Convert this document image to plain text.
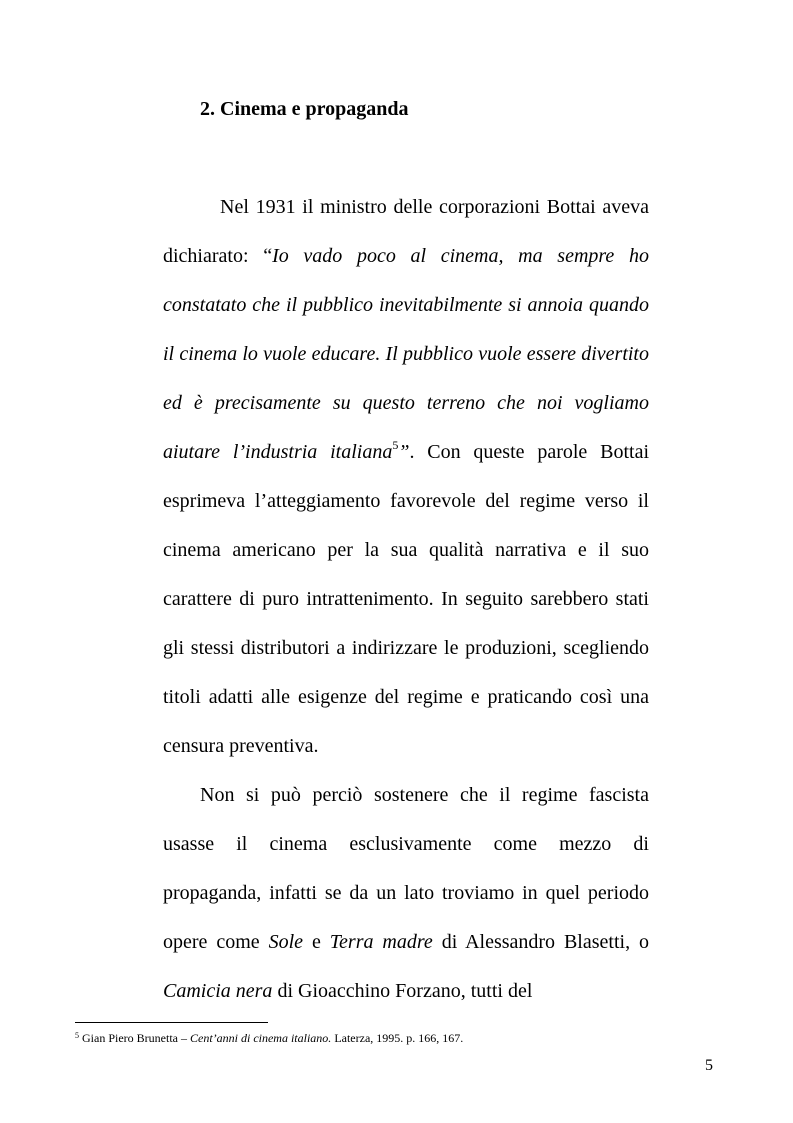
2. Cinema e propaganda

Nel 1931 il ministro delle corporazioni Bottai aveva dichiarato: “Io vado poco al cinema, ma sempre ho constatato che il pubblico inevitabilmente si annoia quando il cinema lo vuole educare. Il pubblico vuole essere divertito ed è precisamente su questo terreno che noi vogliamo aiutare l’industria italiana$^5$”. Con queste parole Bottai esprimeva l’atteggiamento favorevole del regime verso il cinema americano per la sua qualità narrativa e il suo carattere di puro intrattenimento. In seguito sarebbero stati gli stessi distributori a indirizzare le produzioni, scegliendo titoli adatti alle esigenze del regime e praticando così una censura preventiva.

Non si può perciò sostenere che il regime fascista usasse il cinema esclusivamente come mezzo di propaganda, infatti se da un lato troviamo in quel periodo opere come Sole e Terra madre di Alessandro Blasetti, o Camicia nera di Gioacchino Forzano, tutti del

$^5$ Gian Piero Brunetta – Cent’anni di cinema italiano. Laterza, 1995. p. 166, 167.
5
